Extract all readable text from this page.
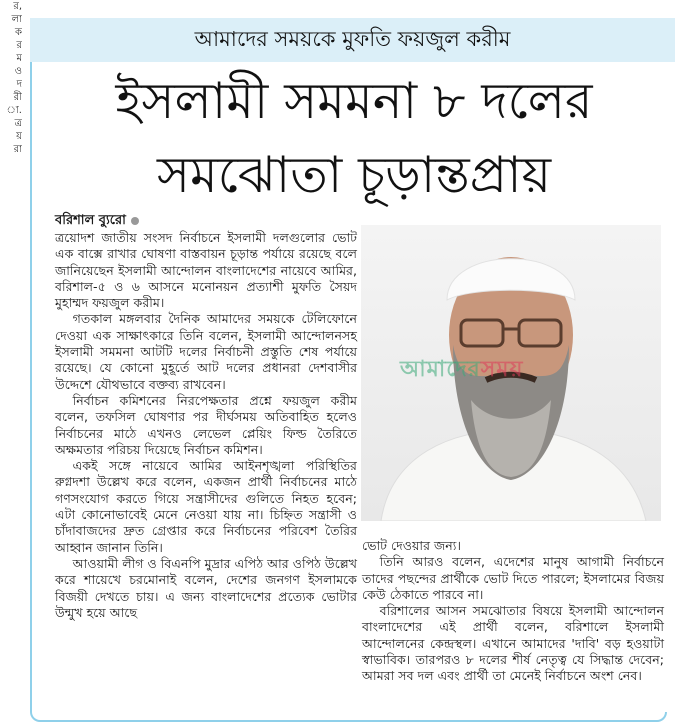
র,
লা
ক
র
ম
ও
দ
রী
া.
ত্র
য়
রা
আমাদের সময়কে মুফতি ফয়জুল করীম
ইসলামী সমমনা ৮ দলের
সমঝোতা চূড়ান্তপ্রায়
বরিশাল ব্যুরো

ত্রয়োদশ জাতীয় সংসদ নির্বাচনে ইসলামী দলগুলোর ভোট এক বাক্সে রাখার ঘোষণা বাস্তবায়ন চূড়ান্ত পর্যায়ে রয়েছে বলে জানিয়েছেন ইসলামী আন্দোলন বাংলাদেশের নায়েবে আমির, বরিশাল-৫ ও ৬ আসনে মনোনয়ন প্রত্যাশী মুফতি সৈয়দ মুহাম্মদ ফয়জুল করীম।

গতকাল মঙ্গলবার দৈনিক আমাদের সময়কে টেলিফোনে দেওয়া এক সাক্ষাৎকারে তিনি বলেন, ইসলামী আন্দোলনসহ ইসলামী সমমনা আটটি দলের নির্বাচনী প্রস্তুতি শেষ পর্যায়ে রয়েছে। যে কোনো মুহূর্তে আট দলের প্রধানরা দেশবাসীর উদ্দেশে যৌথভাবে বক্তব্য রাখবেন।

নির্বাচন কমিশনের নিরপেক্ষতার প্রশ্নে ফয়জুল করীম বলেন, তফসিল ঘোষণার পর দীর্ঘসময় অতিবাহিত হলেও নির্বাচনের মাঠে এখনও লেভেল প্লেয়িং ফিল্ড তৈরিতে অক্ষমতার পরিচয় দিয়েছে নির্বাচন কমিশন।

একই সঙ্গে নায়েবে আমির আইনশৃঙ্খলা পরিস্থিতির রুগ্নদশা উল্লেখ করে বলেন, একজন প্রার্থী নির্বাচনের মাঠে গণসংযোগ করতে গিয়ে সন্ত্রাসীদের গুলিতে নিহত হবেন; এটা কোনোভাবেই মেনে নেওয়া যায় না। চিহ্নিত সন্ত্রাসী ও চাঁদাবাজদের দ্রুত গ্রেপ্তার করে নির্বাচনের পরিবেশ তৈরির আহ্বান জানান তিনি।

আওয়ামী লীগ ও বিএনপি মুদ্রার এপিঠ আর ওপিঠ উল্লেখ করে শায়েখে চরমোনাই বলেন, দেশের জনগণ ইসলামকে বিজয়ী দেখতে চায়। এ জন্য বাংলাদেশের প্রত্যেক ভোটার উন্মুখ হয়ে আছে

আমাদেরসময়

ভোট দেওয়ার জন্য।

তিনি আরও বলেন, এদেশের মানুষ আগামী নির্বাচনে তাদের পছন্দের প্রার্থীকে ভোট দিতে পারলে; ইসলামের বিজয় কেউ ঠেকাতে পারবে না।

বরিশালের আসন সমঝোতার বিষয়ে ইসলামী আন্দোলন বাংলাদেশের এই প্রার্থী বলেন, বরিশালে ইসলামী আন্দোলনের কেন্দ্রস্থল। এখানে আমাদের 'দাবি' বড় হওয়াটা স্বাভাবিক। তারপরও ৮ দলের শীর্ষ নেতৃত্ব যে সিদ্ধান্ত দেবেন; আমরা সব দল এবং প্রার্থী তা মেনেই নির্বাচনে অংশ নেব।
